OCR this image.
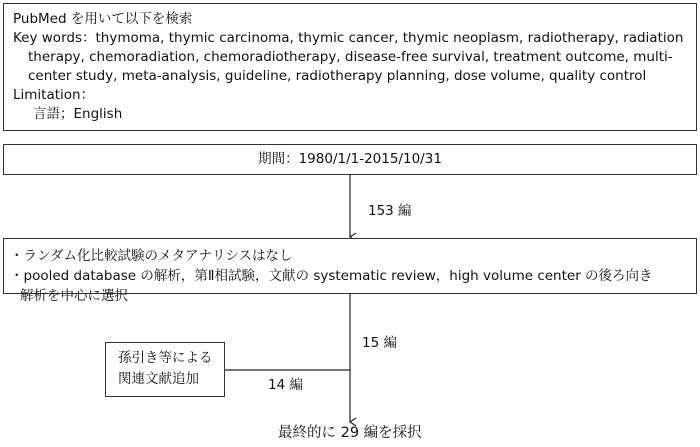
PubMed を用いて以下を検索
Key words：thymoma, thymic carcinoma, thymic cancer, thymic neoplasm, radiotherapy, radiation
therapy, chemoradiation, chemoradiotherapy, disease-free survival, treatment outcome, multi-
center study, meta-analysis, guideline, radiotherapy planning, dose volume, quality control
Limitation：
言語；English
期間：1980/1/1-2015/10/31
153 編
・ランダム化比較試験のメタアナリシスはなし
・pooled database の解析，第Ⅱ相試験，文献の systematic review，high volume center の後ろ向き
解析を中心に選択
15 編
孫引き等による
関連文献追加	14 編
最終的に 29 編を採択
